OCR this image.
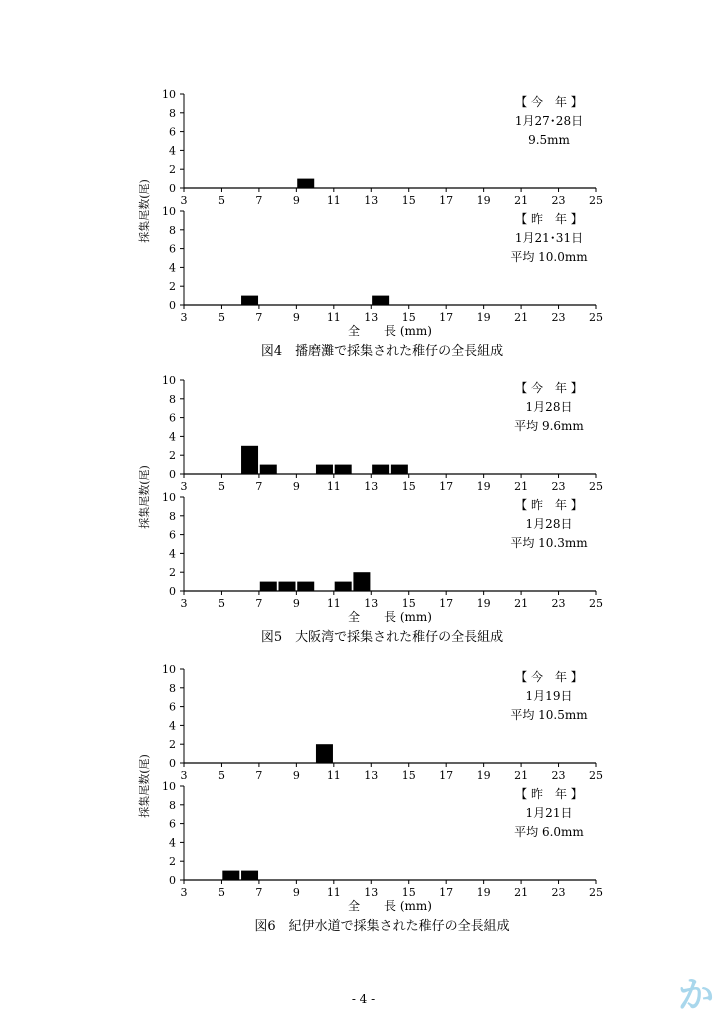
0
2
4
6
8
10
3	5	7	9 11 13 15 17 19 21 23 25
【 今　年 】
1月27･28日
9.5mm
0
2
4
6
8
10
3	5	7	9 11 13 15 17 19 21 23 25
【 昨　年 】
1月21･31日
平均 10.0mm
採集尾数(尾)
全　　長 (mm)
図4　播磨灘で採集された稚仔の全長組成
0
2
4
6
8
10
3	5	7	9 11 13 15 17 19 21 23 25
【 今　年 】
1月28日
平均 9.6mm
0
2
4
6
8
10
3	5	7	9 11 13 15 17 19 21 23 25
【 昨　年 】
1月28日
平均 10.3mm
採集尾数(尾)
全　　長 (mm)
図5　大阪湾で採集された稚仔の全長組成
0
2
4
6
8
10
3	5	7	9 11 13 15 17 19 21 23 25
【 今　年 】
1月19日
平均 10.5mm
0
2
4
6
8
10
3	5	7	9 11 13 15 17 19 21 23 25
【 昨　年 】
1月21日
平均 6.0mm
採集尾数(尾)
全　　長 (mm)
図6　紀伊水道で採集された稚仔の全長組成
- 4 -	か
